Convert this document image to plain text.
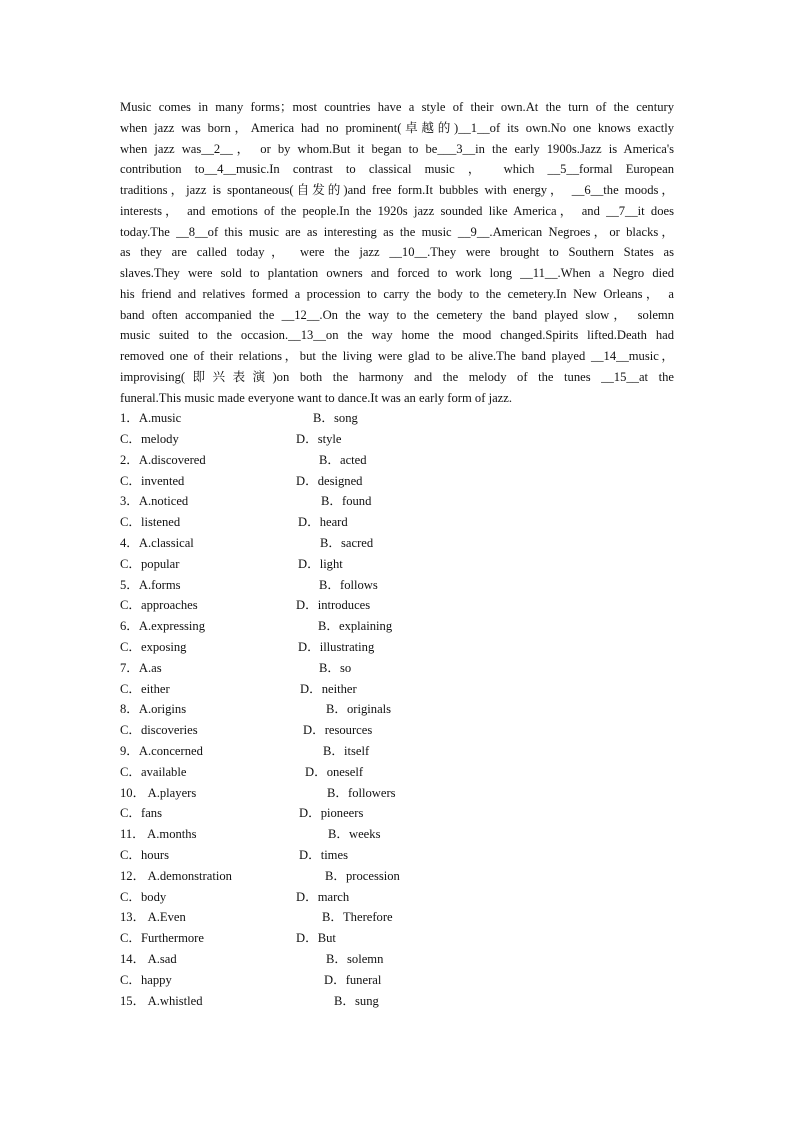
Music comes in many forms；most countries have a style of their own.At the turn of the century
when jazz was born，America had no prominent(卓越的)__1__of its own.No one knows exactly
when jazz was__2__， or by whom.But it began to be___3__in the early 1900s.Jazz is America's
contribution to__4__music.In contrast to classical music ， which __5__formal European
traditions，jazz is spontaneous(自发的)and free form.It bubbles with energy， __6__the moods，
interests， and emotions of the people.In the 1920s jazz sounded like America， and __7__it does
today.The __8__of this music are as interesting as the music __9__.American Negroes，or blacks，
as they are called today， were the jazz __10__.They were brought to Southern States as
slaves.They were sold to plantation owners and forced to work long __11__.When a Negro died
his friend and relatives formed a procession to carry the body to the cemetery.In New Orleans， a
band often accompanied the __12__.On the way to the cemetery the band played slow， solemn
music suited to the occasion.__13__on the way home the mood changed.Spirits lifted.Death had
removed one of their relations，but the living were glad to be alive.The band played __14__music，
improvising(即兴表演)on both the harmony and the melody of the tunes __15__at the
funeral.This music made everyone want to dance.It was an early form of jazz.

1．A.music	B．song
C．melody	D．style
2．A.discovered	B．acted
C．invented	D．designed
3．A.noticed	B．found
C．listened	D．heard
4．A.classical	B．sacred
C．popular	D．light
5．A.forms	B．follows
C．approaches	D．introduces
6．A.expressing	B．explaining
C．exposing	D．illustrating
7．A.as	B．so
C．either	D．neither
8．A.origins	B．originals
C．discoveries	D．resources
9．A.concerned	B．itself
C．available	D．oneself
10． A.players	B．followers
C．fans	D．pioneers
11． A.months	B．weeks
C．hours	D．times
12． A.demonstration	B．procession
C．body	D．march
13． A.Even	B．Therefore
C．Furthermore	D．But
14． A.sad	B．solemn
C．happy	D．funeral
15． A.whistled	B．sung
